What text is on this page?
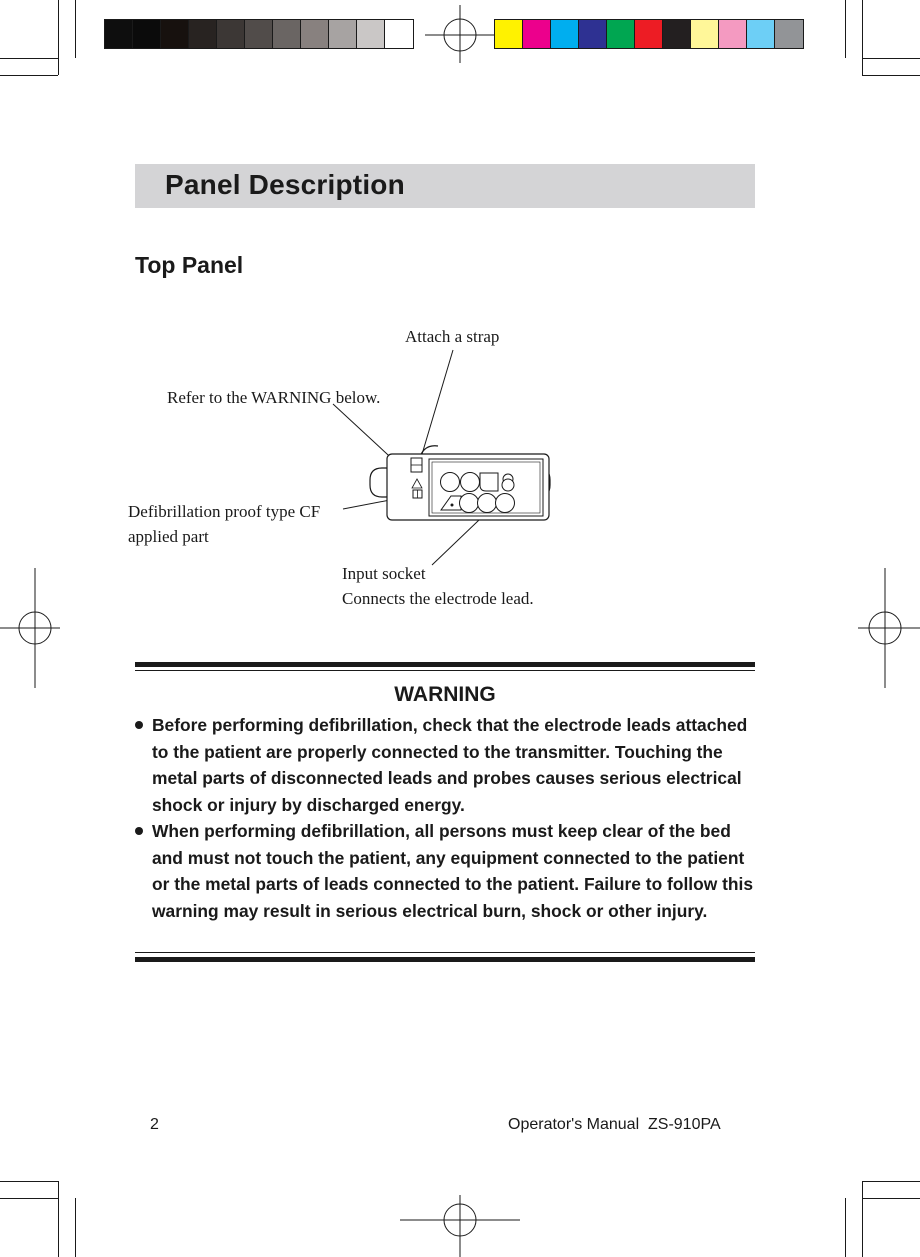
Panel Description
Top Panel
Attach a strap
Refer to the WARNING below.
Defibrillation proof type CF
applied part
Input socket
Connects the electrode lead.
WARNING
Before performing defibrillation, check that the electrode leads attached to the patient are properly connected to the transmitter. Touching the metal parts of disconnected leads and probes causes serious electrical shock or injury by discharged energy.
When performing defibrillation, all persons must keep clear of the bed and must not touch the patient, any equipment connected to the patient or the metal parts of leads connected to the patient. Failure to follow this warning may result in serious electrical burn, shock or other injury.
2	Operator's Manual  ZS-910PA
